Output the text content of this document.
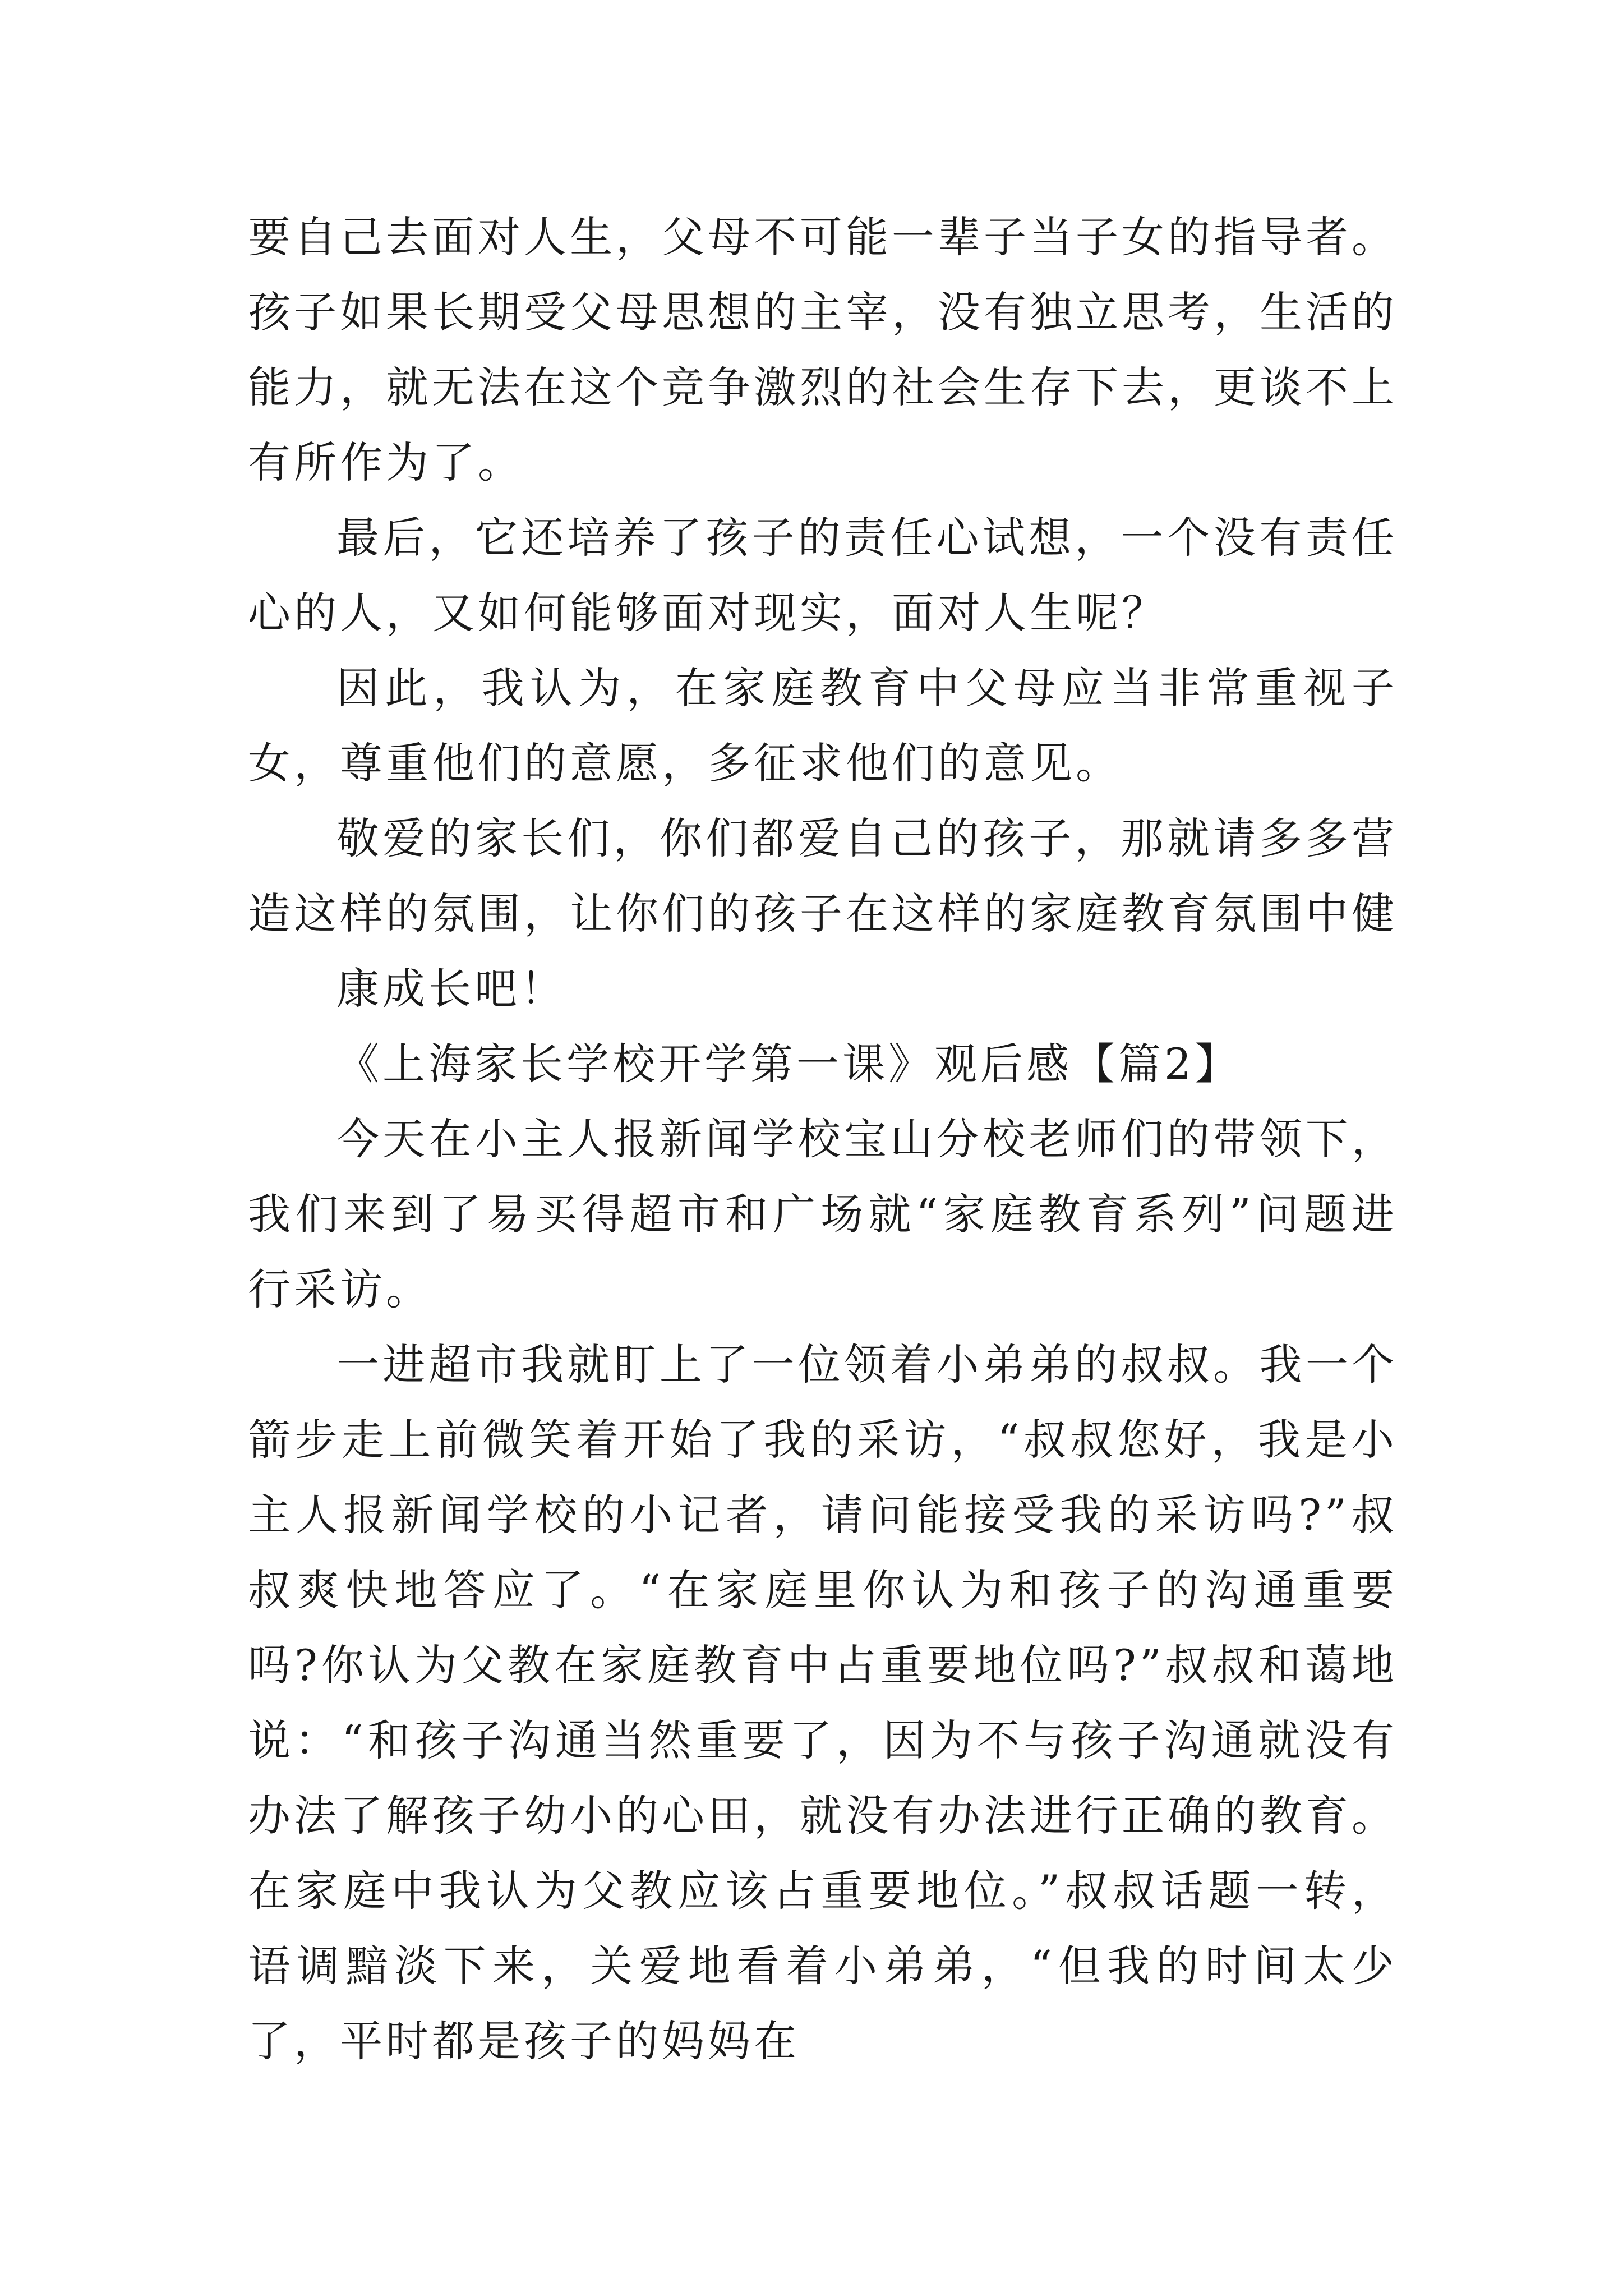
要自己去面对人生，父母不可能一辈子当子女的指导者。孩子如果长期受父母思想的主宰，没有独立思考，生活的能力，就无法在这个竞争激烈的社会生存下去，更谈不上有所作为了。

最后，它还培养了孩子的责任心试想，一个没有责任心的人，又如何能够面对现实，面对人生呢？

因此，我认为，在家庭教育中父母应当非常重视子女，尊重他们的意愿，多征求他们的意见。

敬爱的家长们，你们都爱自己的孩子，那就请多多营造这样的氛围，让你们的孩子在这样的家庭教育氛围中健

康成长吧！

《上海家长学校开学第一课》观后感【篇2】

今天在小主人报新闻学校宝山分校老师们的带领下，我们来到了易买得超市和广场就“家庭教育系列”问题进行采访。

一进超市我就盯上了一位领着小弟弟的叔叔。我一个箭步走上前微笑着开始了我的采访，“叔叔您好，我是小主人报新闻学校的小记者，请问能接受我的采访吗?”叔叔爽快地答应了。“在家庭里你认为和孩子的沟通重要吗?你认为父教在家庭教育中占重要地位吗?”叔叔和蔼地说：“和孩子沟通当然重要了，因为不与孩子沟通就没有办法了解孩子幼小的心田，就没有办法进行正确的教育。在家庭中我认为父教应该占重要地位。”叔叔话题一转，语调黯淡下来，关爱地看着小弟弟，“但我的时间太少了，平时都是孩子的妈妈在
